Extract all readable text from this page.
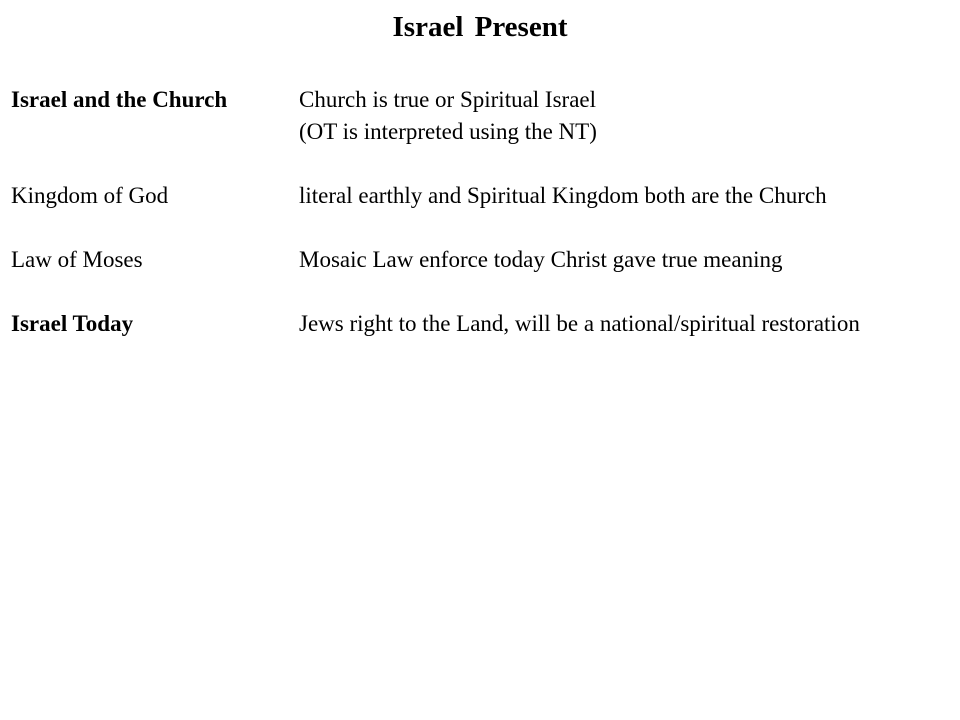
Israel Present
Israel and the Church	Church is true or Spiritual Israel
(OT is interpreted using the NT)
Kingdom of God	literal earthly and Spiritual Kingdom both are the Church
Law of Moses	Mosaic Law enforce today Christ gave true meaning
Israel Today	Jews right to the Land, will be a national/spiritual restoration
